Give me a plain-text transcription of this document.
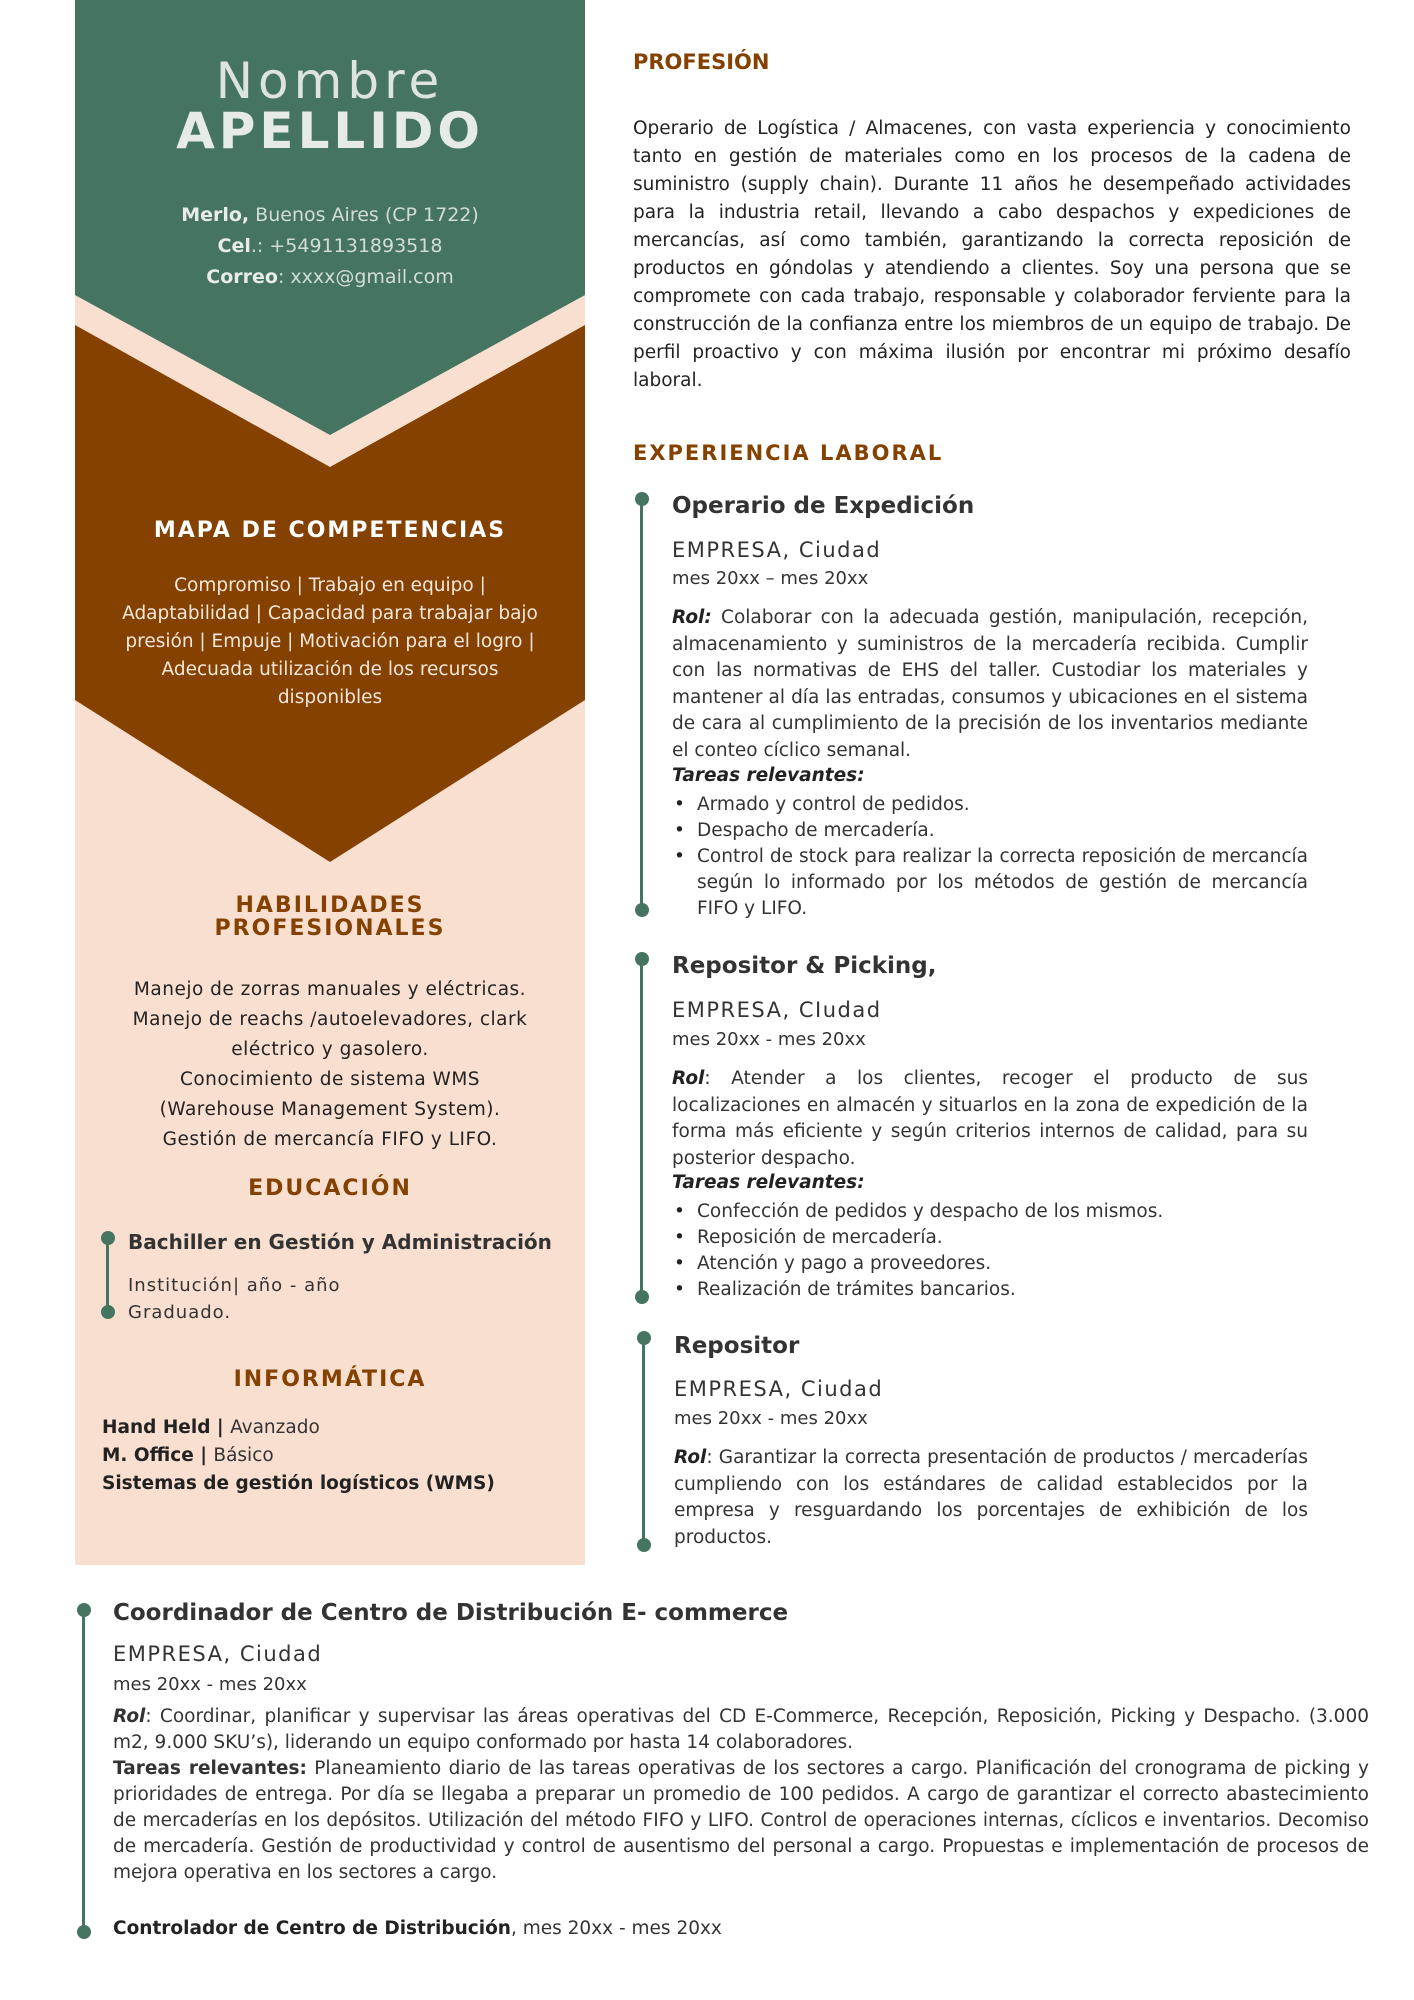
Nombre
APELLIDO
Merlo, Buenos Aires (CP 1722)
Cel.: +5491131893518
Correo: xxxx@gmail.com
MAPA DE COMPETENCIAS
Compromiso | Trabajo en equipo | Adaptabilidad | Capacidad para trabajar bajo presión | Empuje | Motivación para el logro | Adecuada utilización de los recursos disponibles
HABILIDADES
PROFESIONALES
Manejo de zorras manuales y eléctricas.
Manejo de reachs /autoelevadores, clark
eléctrico y gasolero.
Conocimiento de sistema WMS
(Warehouse Management System).
Gestión de mercancía FIFO y LIFO.
EDUCACIÓN
Bachiller en Gestión y Administración
Institución| año - año
Graduado.
INFORMÁTICA
Hand Held | Avanzado
M. Office | Básico
Sistemas de gestión logísticos (WMS)
PROFESIÓN
Operario de Logística / Almacenes, con vasta experiencia y conocimiento tanto en gestión de materiales como en los procesos de la cadena de suministro (supply chain). Durante 11 años he desempeñado actividades para la industria retail, llevando a cabo despachos y expediciones de mercancías, así como también, garantizando la correcta reposición de productos en góndolas y atendiendo a clientes. Soy una persona que se compromete con cada trabajo, responsable y colaborador ferviente para la construcción de la confianza entre los miembros de un equipo de trabajo. De perfil proactivo y con máxima ilusión por encontrar mi próximo desafío laboral.
EXPERIENCIA LABORAL
Operario de Expedición
EMPRESA, Ciudad
mes 20xx – mes 20xx
Rol: Colaborar con la adecuada gestión, manipulación, recepción, almacenamiento y suministros de la mercadería recibida. Cumplir con las normativas de EHS del taller. Custodiar los materiales y mantener al día las entradas, consumos y ubicaciones en el sistema de cara al cumplimiento de la precisión de los inventarios mediante el conteo cíclico semanal.
Tareas relevantes:
• Armado y control de pedidos.
• Despacho de mercadería.
• Control de stock para realizar la correcta reposición de mercancía según lo informado por los métodos de gestión de mercancía FIFO y LIFO.
Repositor & Picking,
EMPRESA, CIudad
mes 20xx - mes 20xx
Rol: Atender a los clientes, recoger el producto de sus localizaciones en almacén y situarlos en la zona de expedición de la forma más eficiente y según criterios internos de calidad, para su posterior despacho.
Tareas relevantes:
• Confección de pedidos y despacho de los mismos.
• Reposición de mercadería.
• Atención y pago a proveedores.
• Realización de trámites bancarios.
Repositor
EMPRESA, Ciudad
mes 20xx - mes 20xx
Rol: Garantizar la correcta presentación de productos / mercaderías cumpliendo con los estándares de calidad establecidos por la empresa y resguardando los porcentajes de exhibición de los productos.
Coordinador de Centro de Distribución E- commerce
EMPRESA, Ciudad
mes 20xx - mes 20xx
Rol: Coordinar, planificar y supervisar las áreas operativas del CD E-Commerce, Recepción, Reposición, Picking y Despacho. (3.000 m2, 9.000 SKU’s), liderando un equipo conformado por hasta 14 colaboradores.
Tareas relevantes: Planeamiento diario de las tareas operativas de los sectores a cargo. Planificación del cronograma de picking y prioridades de entrega. Por día se llegaba a preparar un promedio de 100 pedidos. A cargo de garantizar el correcto abastecimiento de mercaderías en los depósitos. Utilización del método FIFO y LIFO. Control de operaciones internas, cíclicos e inventarios. Decomiso de mercadería. Gestión de productividad y control de ausentismo del personal a cargo. Propuestas e implementación de procesos de mejora operativa en los sectores a cargo.
Controlador de Centro de Distribución, mes 20xx - mes 20xx
